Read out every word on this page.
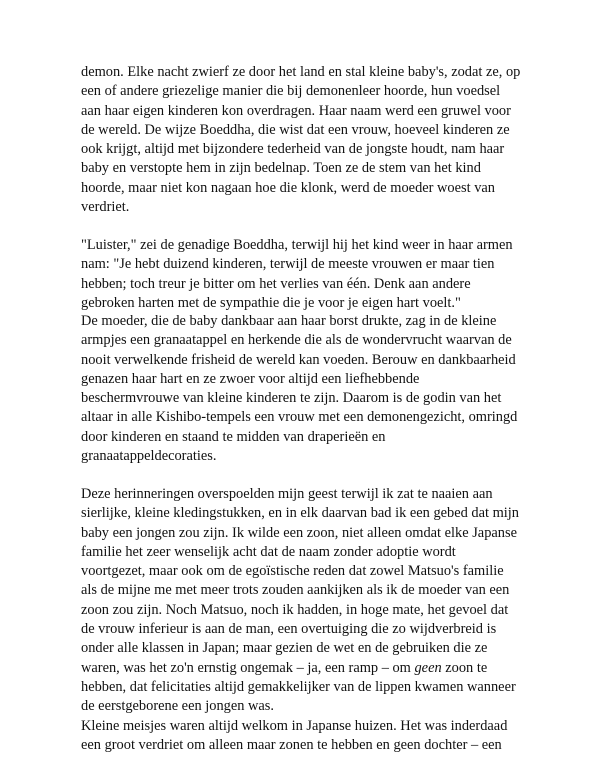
demon. Elke nacht zwierf ze door het land en stal kleine baby's, zodat ze, op
een of andere griezelige manier die bij demonenleer hoorde, hun voedsel
aan haar eigen kinderen kon overdragen. Haar naam werd een gruwel voor
de wereld. De wijze Boeddha, die wist dat een vrouw, hoeveel kinderen ze
ook krijgt, altijd met bijzondere tederheid van de jongste houdt, nam haar
baby en verstopte hem in zijn bedelnap. Toen ze de stem van het kind
hoorde, maar niet kon nagaan hoe die klonk, werd de moeder woest van
verdriet.
"Luister," zei de genadige Boeddha, terwijl hij het kind weer in haar armen
nam: "Je hebt duizend kinderen, terwijl de meeste vrouwen er maar tien
hebben; toch treur je bitter om het verlies van één. Denk aan andere
gebroken harten met de sympathie die je voor je eigen hart voelt."
De moeder, die de baby dankbaar aan haar borst drukte, zag in de kleine
armpjes een granaatappel en herkende die als de wondervrucht waarvan de
nooit verwelkende frisheid de wereld kan voeden. Berouw en dankbaarheid
genazen haar hart en ze zwoer voor altijd een liefhebbende
beschermvrouwe van kleine kinderen te zijn. Daarom is de godin van het
altaar in alle Kishibo-tempels een vrouw met een demonengezicht, omringd
door kinderen en staand te midden van draperieën en
granaatappeldecoraties.
Deze herinneringen overspoelden mijn geest terwijl ik zat te naaien aan
sierlijke, kleine kledingstukken, en in elk daarvan bad ik een gebed dat mijn
baby een jongen zou zijn. Ik wilde een zoon, niet alleen omdat elke Japanse
familie het zeer wenselijk acht dat de naam zonder adoptie wordt
voortgezet, maar ook om de egoïstische reden dat zowel Matsuo's familie
als de mijne me met meer trots zouden aankijken als ik de moeder van een
zoon zou zijn. Noch Matsuo, noch ik hadden, in hoge mate, het gevoel dat
de vrouw inferieur is aan de man, een overtuiging die zo wijdverbreid is
onder alle klassen in Japan; maar gezien de wet en de gebruiken die ze
waren, was het zo'n ernstig ongemak – ja, een ramp – om geen zoon te
hebben, dat felicitaties altijd gemakkelijker van de lippen kwamen wanneer
de eerstgeborene een jongen was.
Kleine meisjes waren altijd welkom in Japanse huizen. Het was inderdaad
een groot verdriet om alleen maar zonen te hebben en geen dochter – een
